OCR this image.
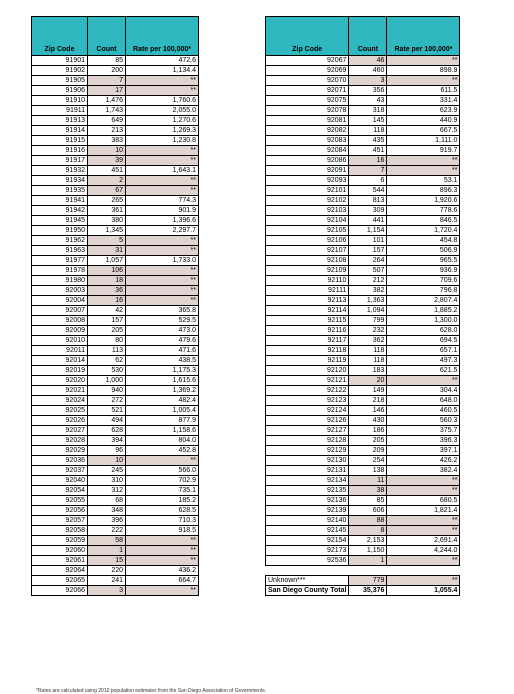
Zip Code	Count	Rate per 100,000*
91901	85	472.6
91902	200	1,134.4
91905	7	**
91906	17	**
91910	1,476	1,760.6
91911	1,743	2,055.0
91913	649	1,270.6
91914	213	1,269.3
91915	383	1,230.8
91916	10	**
91917	39	**
91932	451	1,643.1
91934	2	**
91935	67	**
91941	265	774.3
91942	361	901.9
91945	380	1,396.6
91950	1,345	2,297.7
91962	5	**
91963	31	**
91977	1,057	1,733.0
91978	106	**
91980	18	**
92003	36	**
92004	16	**
92007	42	365.8
92008	157	529.5
92009	205	473.0
92010	80	479.6
92011	113	471.6
92014	62	438.5
92019	530	1,175.3
92020	1,000	1,615.6
92021	940	1,369.2
92024	272	482.4
92025	521	1,005.4
92026	494	877.9
92027	628	1,158.6
92028	394	804.0
92029	96	452.8
92036	10	**
92037	245	566.0
92040	310	702.9
92054	312	735.1
92055	68	185.2
92056	348	628.5
92057	396	710.3
92058	222	918.5
92059	58	**
92060	1	**
92061	15	**
92064	220	436.2
92065	241	664.7
92066	3	**
Zip Code	Count	Rate per 100,000*
92067	46	**
92069	460	898.9
92070	3	**
92071	356	611.5
92075	43	331.4
92078	318	623.9
92081	145	440.9
92082	118	667.5
92083	435	1,111.0
92084	451	919.7
92086	16	**
92091	7	**
92093	6	53.1
92101	544	896.3
92102	813	1,920.6
92103	309	778.6
92104	441	846.5
92105	1,154	1,720.4
92106	101	454.8
92107	157	506.9
92108	264	965.5
92109	507	936.9
92110	212	709.6
92111	382	796.8
92113	1,363	2,807.4
92114	1,094	1,885.2
92115	799	1,300.0
92116	232	628.0
92117	362	694.5
92118	118	657.1
92119	118	497.3
92120	183	621.5
92121	20	**
92122	149	304.4
92123	218	648.0
92124	146	460.5
92126	430	560.3
92127	186	375.7
92128	205	396.3
92129	209	397.1
92130	254	426.2
92131	138	382.4
92134	11	**
92135	38	**
92136	85	680.5
92139	606	1,821.4
92140	88	**
92145	8	**
92154	2,153	2,691.4
92173	1,150	4,244.0
92536	1	**

Unknown***	779	**
San Diego County Total	35,376	1,055.4
*Rates are calculated using 2010 population estimates from the San Diego Association of Governments.
